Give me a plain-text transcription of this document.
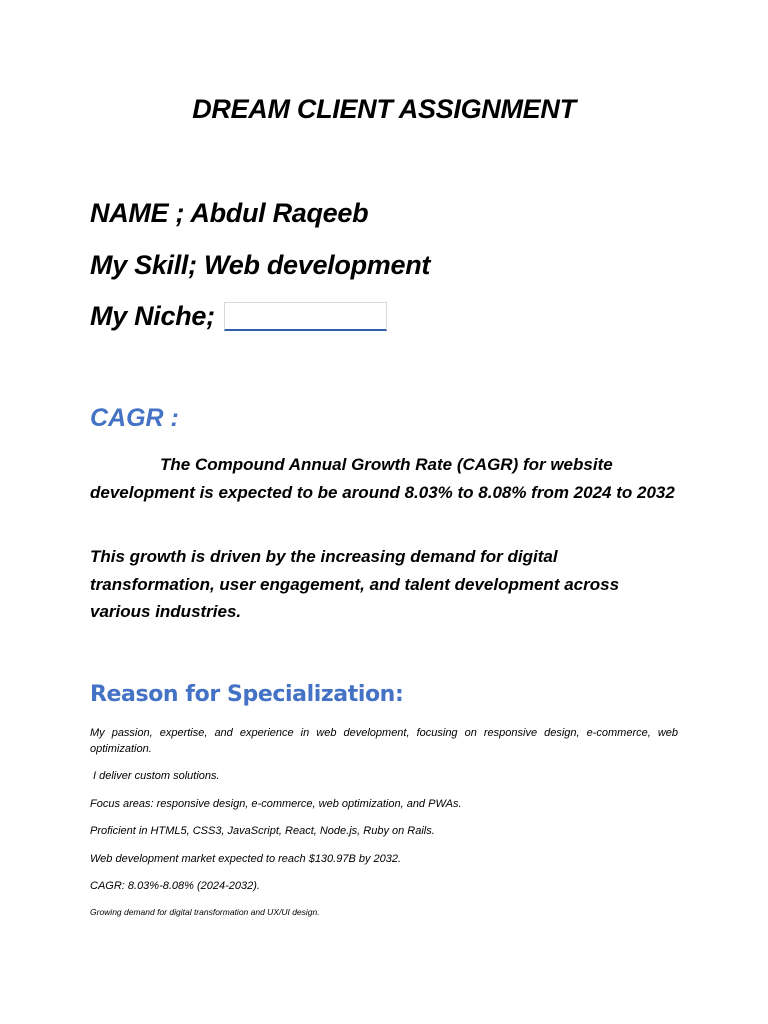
DREAM CLIENT ASSIGNMENT
NAME ; Abdul Raqeeb
My Skill; Web development
My Niche;
CAGR :
The Compound Annual Growth Rate (CAGR) for website development is expected to be around 8.03% to 8.08% from 2024 to 2032
This growth is driven by the increasing demand for digital transformation, user engagement, and talent development across various industries.
Reason for Specialization:
My passion, expertise, and experience in web development, focusing on responsive design, e-commerce, web optimization.
I deliver custom solutions.
Focus areas: responsive design, e-commerce, web optimization, and PWAs.
Proficient in HTML5, CSS3, JavaScript, React, Node.js, Ruby on Rails.
Web development market expected to reach $130.97B by 2032.
CAGR: 8.03%-8.08% (2024-2032).
Growing demand for digital transformation and UX/UI design.
